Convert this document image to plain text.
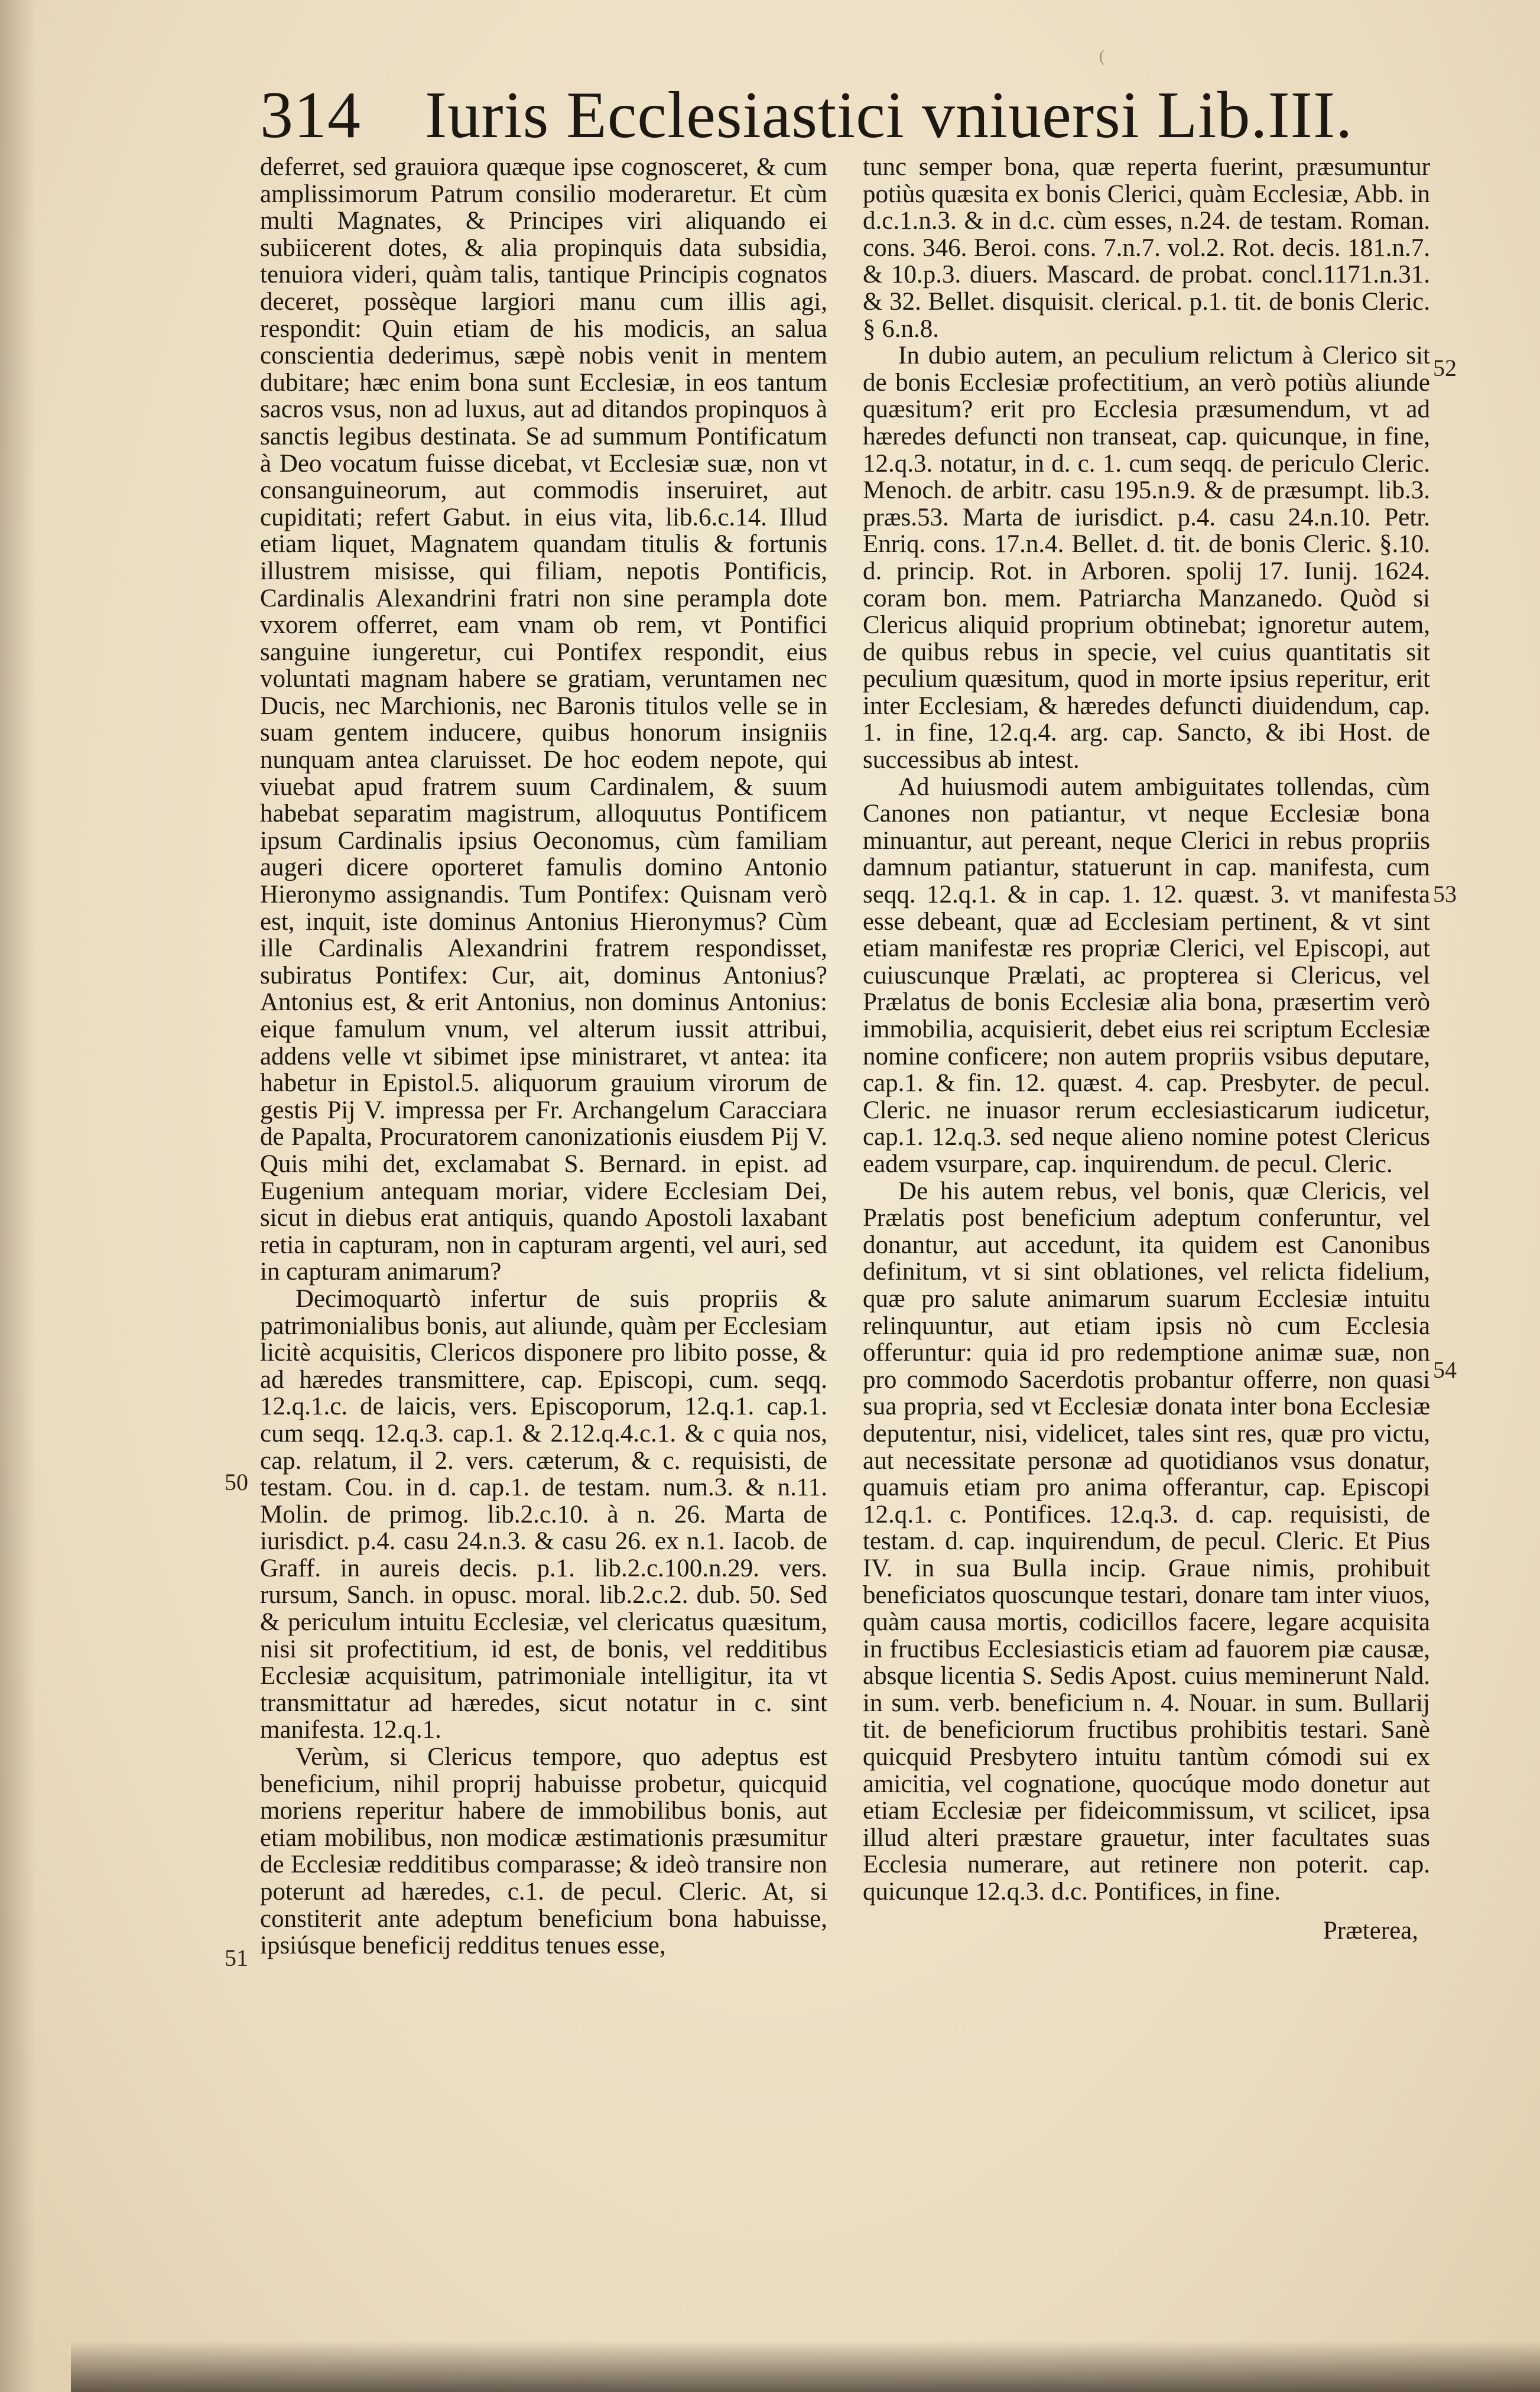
314 Iuris Ecclesiastici vniuersi Lib.III.
(

deferret, sed grauiora quæque ipse cognosceret, & cum amplissimorum Patrum consilio moderaretur. Et cùm multi Magnates, & Principes viri aliquando ei subiicerent dotes, & alia propinquis data subsidia, tenuiora videri, quàm talis, tantique Principis cognatos deceret, possèque largiori manu cum illis agi, respondit: Quin etiam de his modicis, an salua conscientia dederimus, sæpè nobis venit in mentem dubitare; hæc enim bona sunt Ecclesiæ, in eos tantum sacros vsus, non ad luxus, aut ad ditandos propinquos à sanctis legibus destinata. Se ad summum Pontificatum à Deo vocatum fuisse dicebat, vt Ecclesiæ suæ, non vt consanguineorum, aut commodis inseruiret, aut cupiditati; refert Gabut. in eius vita, lib.6.c.14. Illud etiam liquet, Magnatem quandam titulis & fortunis illustrem misisse, qui filiam, nepotis Pontificis, Cardinalis Alexandrini fratri non sine perampla dote vxorem offerret, eam vnam ob rem, vt Pontifici sanguine iungeretur, cui Pontifex respondit, eius voluntati magnam habere se gratiam, veruntamen nec Ducis, nec Marchionis, nec Baronis titulos velle se in suam gentem inducere, quibus honorum insigniis nunquam antea claruisset. De hoc eodem nepote, qui viuebat apud fratrem suum Cardinalem, & suum habebat separatim magistrum, alloquutus Pontificem ipsum Cardinalis ipsius Oeconomus, cùm familiam augeri dicere oporteret famulis domino Antonio Hieronymo assignandis. Tum Pontifex: Quisnam verò est, inquit, iste dominus Antonius Hieronymus? Cùm ille Cardinalis Alexandrini fratrem respondisset, subiratus Pontifex: Cur, ait, dominus Antonius? Antonius est, & erit Antonius, non dominus Antonius: eique famulum vnum, vel alterum iussit attribui, addens velle vt sibimet ipse ministraret, vt antea: ita habetur in Epistol.5. aliquorum grauium virorum de gestis Pij V. impressa per Fr. Archangelum Caracciara de Papalta, Procuratorem canonizationis eiusdem Pij V. Quis mihi det, exclamabat S. Bernard. in epist. ad Eugenium antequam moriar, videre Ecclesiam Dei, sicut in diebus erat antiquis, quando Apostoli laxabant retia in capturam, non in capturam argenti, vel auri, sed in capturam animarum?

Decimoquartò infertur de suis propriis & patrimonialibus bonis, aut aliunde, quàm per Ecclesiam licitè acquisitis, Clericos disponere pro libito posse, & ad hæredes transmittere, cap. Episcopi, cum. seqq. 12.q.1.c. de laicis, vers. Episcoporum, 12.q.1. cap.1. cum seqq. 12.q.3. cap.1. & 2.12.q.4.c.1. & c quia nos, cap. relatum, il 2. vers. cæterum, & c. requisisti, de testam. Cou. in d. cap.1. de testam. num.3. & n.11. Molin. de primog. lib.2.c.10. à n. 26. Marta de iurisdict. p.4. casu 24.n.3. & casu 26. ex n.1. Iacob. de Graff. in aureis decis. p.1. lib.2.c.100.n.29. vers. rursum, Sanch. in opusc. moral. lib.2.c.2. dub. 50. Sed & periculum intuitu Ecclesiæ, vel clericatus quæsitum, nisi sit profectitium, id est, de bonis, vel redditibus Ecclesiæ acquisitum, patrimoniale intelligitur, ita vt transmittatur ad hæredes, sicut notatur in c. sint manifesta. 12.q.1.

Verùm, si Clericus tempore, quo adeptus est beneficium, nihil proprij habuisse probetur, quicquid moriens reperitur habere de immobilibus bonis, aut etiam mobilibus, non modicæ æstimationis præsumitur de Ecclesiæ redditibus comparasse; & ideò transire non poterunt ad hæredes, c.1. de pecul. Cleric. At, si constiterit ante adeptum beneficium bona habuisse, ipsiúsque beneficij redditus tenues esse,

tunc semper bona, quæ reperta fuerint, præsumuntur potiùs quæsita ex bonis Clerici, quàm Ecclesiæ, Abb. in d.c.1.n.3. & in d.c. cùm esses, n.24. de testam. Roman. cons. 346. Beroi. cons. 7.n.7. vol.2. Rot. decis. 181.n.7. & 10.p.3. diuers. Mascard. de probat. concl.1171.n.31. & 32. Bellet. disquisit. clerical. p.1. tit. de bonis Cleric. § 6.n.8.

In dubio autem, an peculium relictum à Clerico sit de bonis Ecclesiæ profectitium, an verò potiùs aliunde quæsitum? erit pro Ecclesia præsumendum, vt ad hæredes defuncti non transeat, cap. quicunque, in fine, 12.q.3. notatur, in d. c. 1. cum seqq. de periculo Cleric. Menoch. de arbitr. casu 195.n.9. & de præsumpt. lib.3. præs.53. Marta de iurisdict. p.4. casu 24.n.10. Petr. Enriq. cons. 17.n.4. Bellet. d. tit. de bonis Cleric. §.10. d. princip. Rot. in Arboren. spolij 17. Iunij. 1624. coram bon. mem. Patriarcha Manzanedo. Quòd si Clericus aliquid proprium obtinebat; ignoretur autem, de quibus rebus in specie, vel cuius quantitatis sit peculium quæsitum, quod in morte ipsius reperitur, erit inter Ecclesiam, & hæredes defuncti diuidendum, cap. 1. in fine, 12.q.4. arg. cap. Sancto, & ibi Host. de successibus ab intest.

Ad huiusmodi autem ambiguitates tollendas, cùm Canones non patiantur, vt neque Ecclesiæ bona minuantur, aut pereant, neque Clerici in rebus propriis damnum patiantur, statuerunt in cap. manifesta, cum seqq. 12.q.1. & in cap. 1. 12. quæst. 3. vt manifesta esse debeant, quæ ad Ecclesiam pertinent, & vt sint etiam manifestæ res propriæ Clerici, vel Episcopi, aut cuiuscunque Prælati, ac propterea si Clericus, vel Prælatus de bonis Ecclesiæ alia bona, præsertim verò immobilia, acquisierit, debet eius rei scriptum Ecclesiæ nomine conficere; non autem propriis vsibus deputare, cap.1. & fin. 12. quæst. 4. cap. Presbyter. de pecul. Cleric. ne inuasor rerum ecclesiasticarum iudicetur, cap.1. 12.q.3. sed neque alieno nomine potest Clericus eadem vsurpare, cap. inquirendum. de pecul. Cleric.

De his autem rebus, vel bonis, quæ Clericis, vel Prælatis post beneficium adeptum conferuntur, vel donantur, aut accedunt, ita quidem est Canonibus definitum, vt si sint oblationes, vel relicta fidelium, quæ pro salute animarum suarum Ecclesiæ intuitu relinquuntur, aut etiam ipsis nò cum Ecclesia offeruntur: quia id pro redemptione animæ suæ, non pro commodo Sacerdotis probantur offerre, non quasi sua propria, sed vt Ecclesiæ donata inter bona Ecclesiæ deputentur, nisi, videlicet, tales sint res, quæ pro victu, aut necessitate personæ ad quotidianos vsus donatur, quamuis etiam pro anima offerantur, cap. Episcopi 12.q.1. c. Pontifices. 12.q.3. d. cap. requisisti, de testam. d. cap. inquirendum, de pecul. Cleric. Et Pius IV. in sua Bulla incip. Graue nimis, prohibuit beneficiatos quoscunque testari, donare tam inter viuos, quàm causa mortis, codicillos facere, legare acquisita in fructibus Ecclesiasticis etiam ad fauorem piæ causæ, absque licentia S. Sedis Apost. cuius meminerunt Nald. in sum. verb. beneficium n. 4. Nouar. in sum. Bullarij tit. de beneficiorum fructibus prohibitis testari. Sanè quicquid Presbytero intuitu tantùm cómodi sui ex amicitia, vel cognatione, quocúque modo donetur aut etiam Ecclesiæ per fideicommissum, vt scilicet, ipsa illud alteri præstare grauetur, inter facultates suas Ecclesia numerare, aut retinere non poterit. cap. quicunque 12.q.3. d.c. Pontifices, in fine.

Præterea,

50
51
52
53
54
